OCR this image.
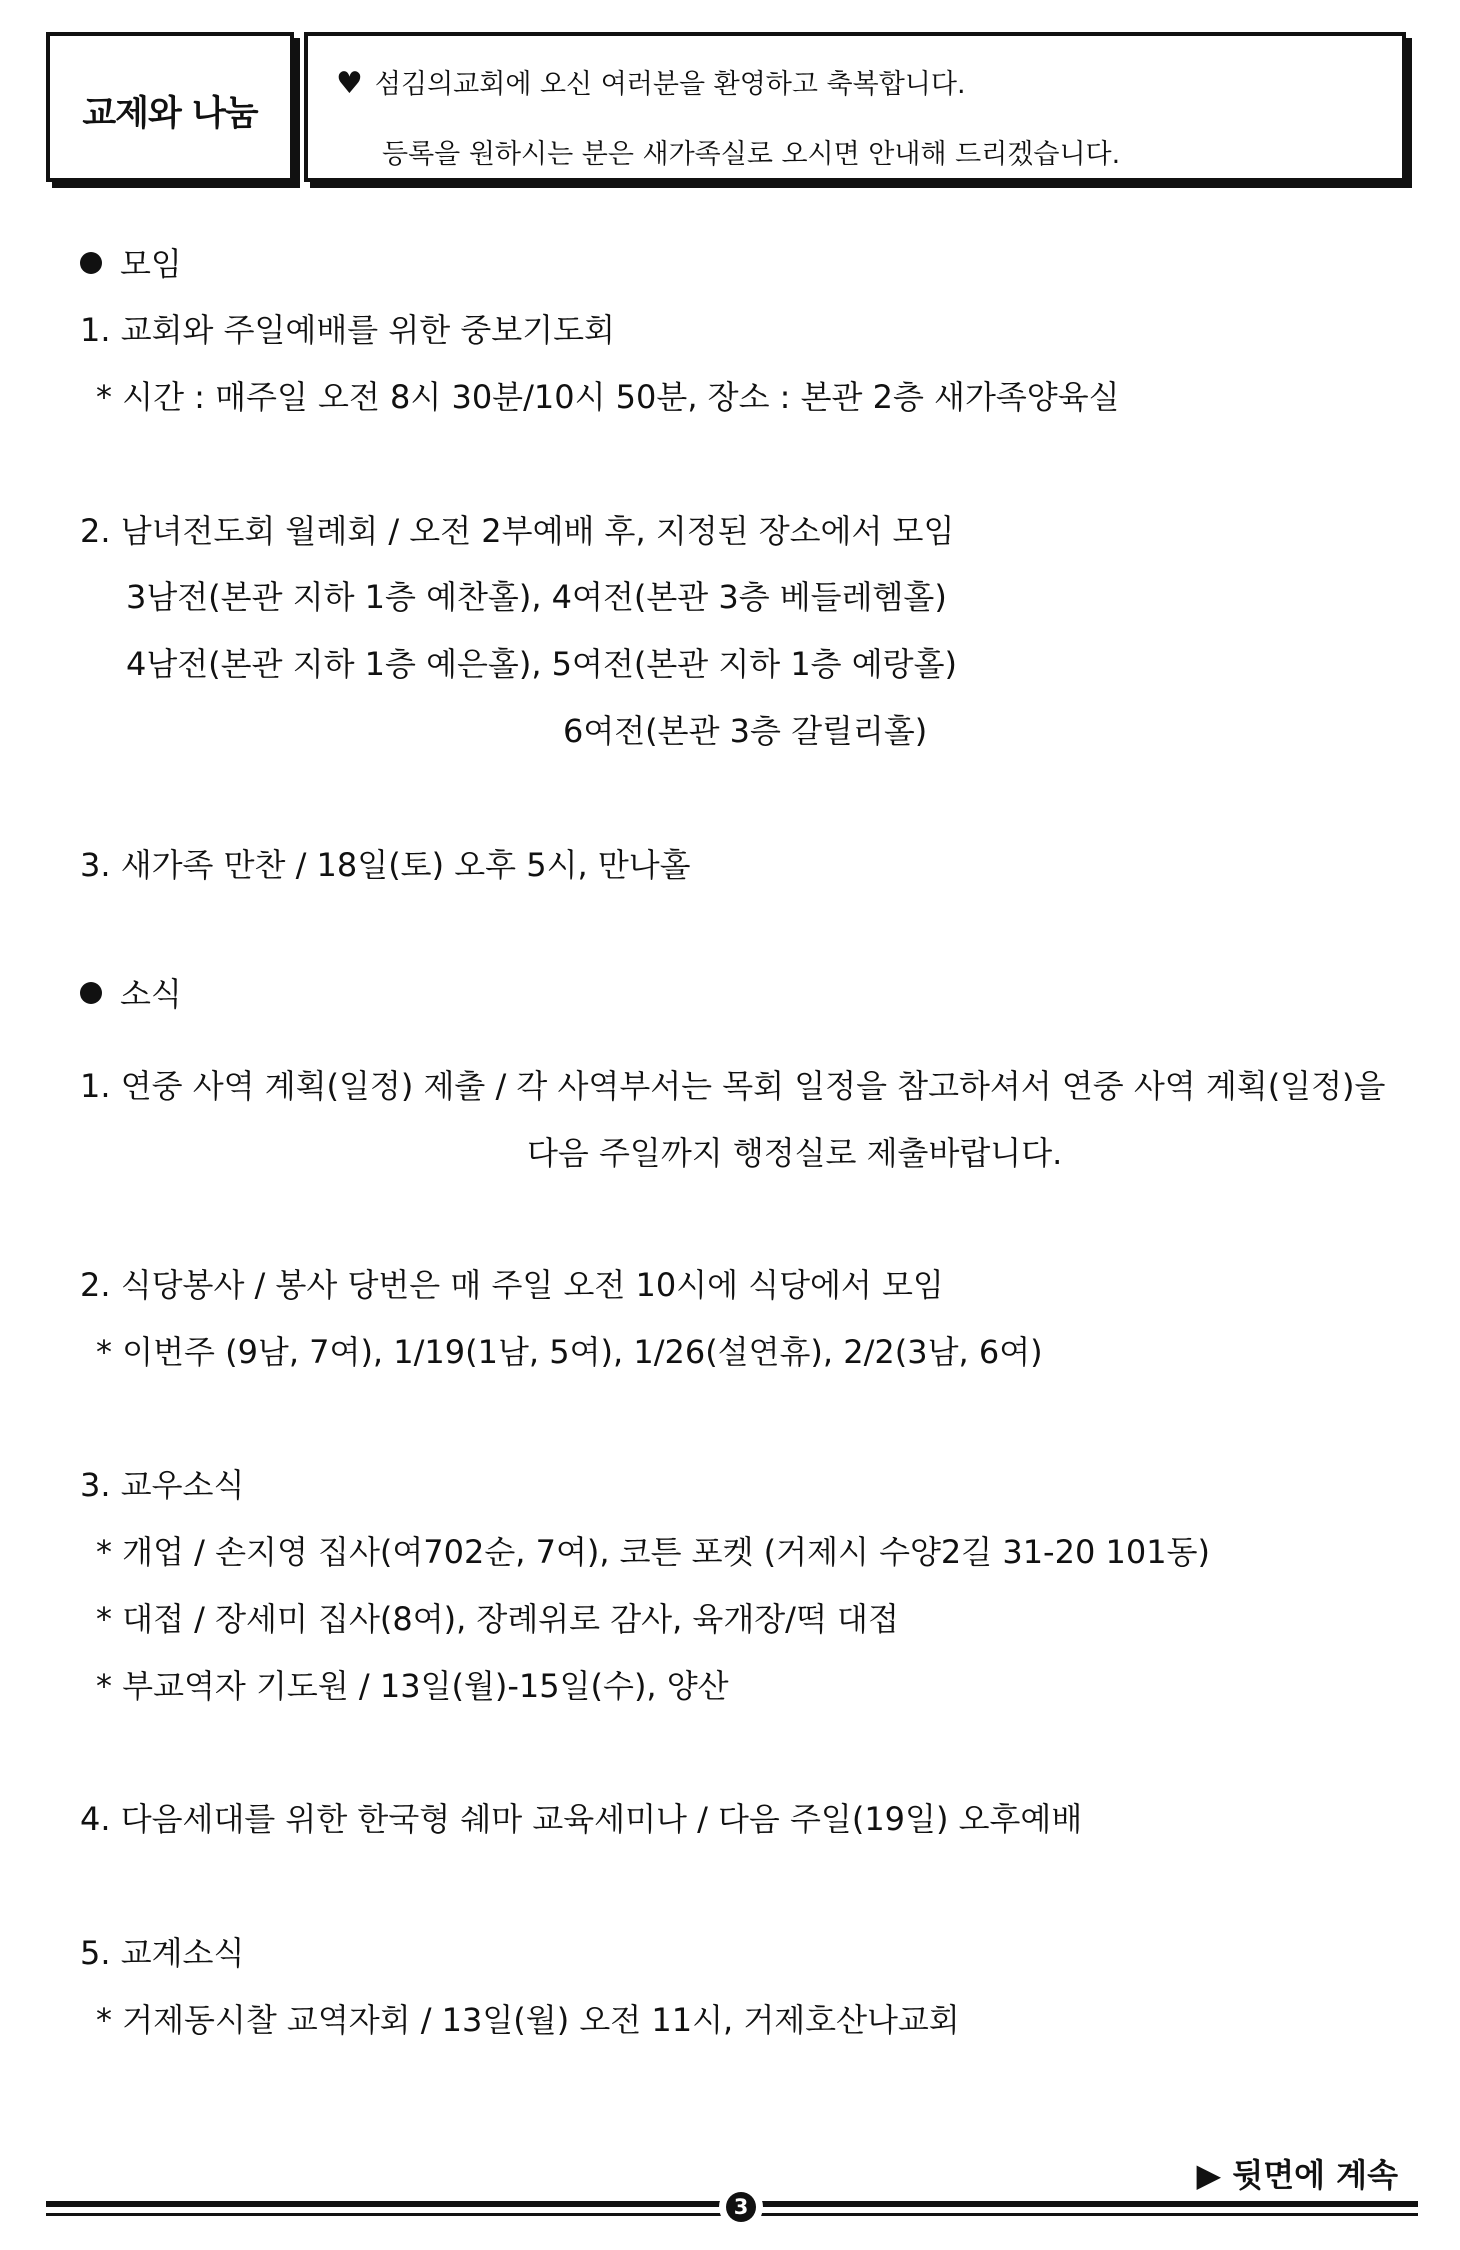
교제와 나눔
♥ 섬김의교회에 오신 여러분을 환영하고 축복합니다.
등록을 원하시는 분은 새가족실로 오시면 안내해 드리겠습니다.
모임
1. 교회와 주일예배를 위한 중보기도회
* 시간 : 매주일 오전 8시 30분/10시 50분, 장소 : 본관 2층 새가족양육실
2. 남녀전도회 월례회 / 오전 2부예배 후, 지정된 장소에서 모임
3남전(본관 지하 1층 예찬홀), 4여전(본관 3층 베들레헴홀)
4남전(본관 지하 1층 예은홀), 5여전(본관 지하 1층 예랑홀)
6여전(본관 3층 갈릴리홀)
3. 새가족 만찬 / 18일(토) 오후 5시, 만나홀
소식
1. 연중 사역 계획(일정) 제출 / 각 사역부서는 목회 일정을 참고하셔서 연중 사역 계획(일정)을
다음 주일까지 행정실로 제출바랍니다.
2. 식당봉사 / 봉사 당번은 매 주일 오전 10시에 식당에서 모임
* 이번주 (9남, 7여), 1/19(1남, 5여), 1/26(설연휴), 2/2(3남, 6여)
3. 교우소식
* 개업 / 손지영 집사(여702순, 7여), 코튼 포켓 (거제시 수양2길 31-20 101동)
* 대접 / 장세미 집사(8여), 장례위로 감사, 육개장/떡 대접
* 부교역자 기도원 / 13일(월)-15일(수), 양산
4. 다음세대를 위한 한국형 쉐마 교육세미나 / 다음 주일(19일) 오후예배
5. 교계소식
* 거제동시찰 교역자회 / 13일(월) 오전 11시, 거제호산나교회
▶ 뒷면에 계속
3
